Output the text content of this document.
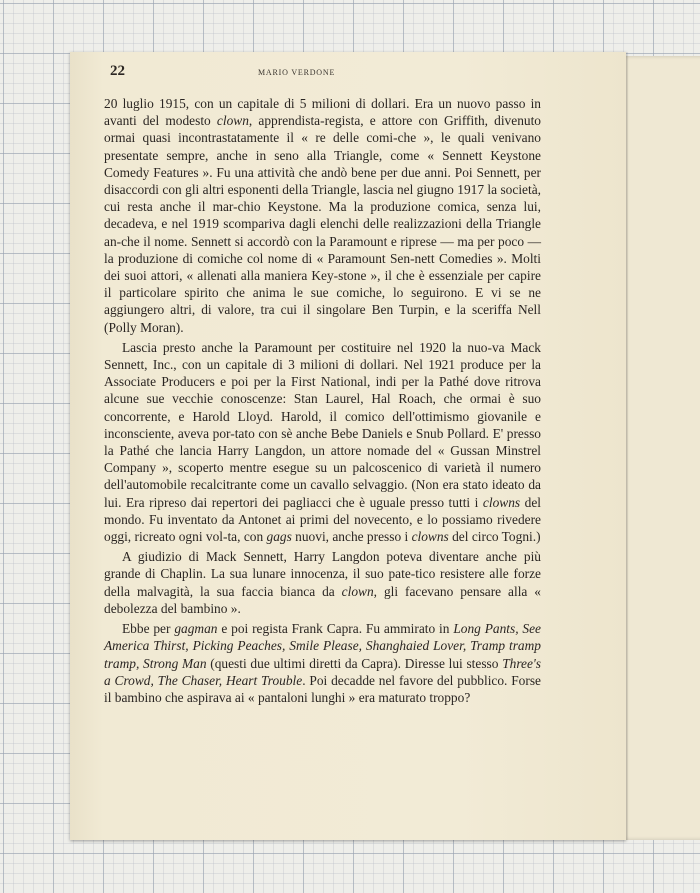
22	MARIO VERDONE

20 luglio 1915, con un capitale di 5 milioni di dollari. Era un nuovo passo in avanti del modesto clown, apprendista-regista, e attore con Griffith, divenuto ormai quasi incontrastatamente il « re delle comi-che », le quali venivano presentate sempre, anche in seno alla Triangle, come « Sennett Keystone Comedy Features ». Fu una attività che andò bene per due anni. Poi Sennett, per disaccordi con gli altri esponenti della Triangle, lascia nel giugno 1917 la società, cui resta anche il mar-chio Keystone. Ma la produzione comica, senza lui, decadeva, e nel 1919 scompariva dagli elenchi delle realizzazioni della Triangle an-che il nome. Sennett si accordò con la Paramount e riprese — ma per poco — la produzione di comiche col nome di « Paramount Sen-nett Comedies ». Molti dei suoi attori, « allenati alla maniera Key-stone », il che è essenziale per capire il particolare spirito che anima le sue comiche, lo seguirono. E vi se ne aggiungero altri, di valore, tra cui il singolare Ben Turpin, e la sceriffa Nell (Polly Moran).

Lascia presto anche la Paramount per costituire nel 1920 la nuo-va Mack Sennett, Inc., con un capitale di 3 milioni di dollari. Nel 1921 produce per la Associate Producers e poi per la First National, indi per la Pathé dove ritrova alcune sue vecchie conoscenze: Stan Laurel, Hal Roach, che ormai è suo concorrente, e Harold Lloyd. Harold, il comico dell'ottimismo giovanile e inconsciente, aveva por-tato con sè anche Bebe Daniels e Snub Pollard. E' presso la Pathé che lancia Harry Langdon, un attore nomade del « Gussan Minstrel Company », scoperto mentre esegue su un palcoscenico di varietà il numero dell'automobile recalcitrante come un cavallo selvaggio. (Non era stato ideato da lui. Era ripreso dai repertori dei pagliacci che è uguale presso tutti i clowns del mondo. Fu inventato da Antonet ai primi del novecento, e lo possiamo rivedere oggi, ricreato ogni vol-ta, con gags nuovi, anche presso i clowns del circo Togni.)

A giudizio di Mack Sennett, Harry Langdon poteva diventare anche più grande di Chaplin. La sua lunare innocenza, il suo pate-tico resistere alle forze della malvagità, la sua faccia bianca da clown, gli facevano pensare alla « debolezza del bambino ».

Ebbe per gagman e poi regista Frank Capra. Fu ammirato in Long Pants, See America Thirst, Picking Peaches, Smile Please, Shanghaied Lover, Tramp tramp tramp, Strong Man (questi due ultimi diretti da Capra). Diresse lui stesso Three's a Crowd, The Chaser, Heart Trouble. Poi decadde nel favore del pubblico. Forse il bambino che aspirava ai « pantaloni lunghi » era maturato troppo?
